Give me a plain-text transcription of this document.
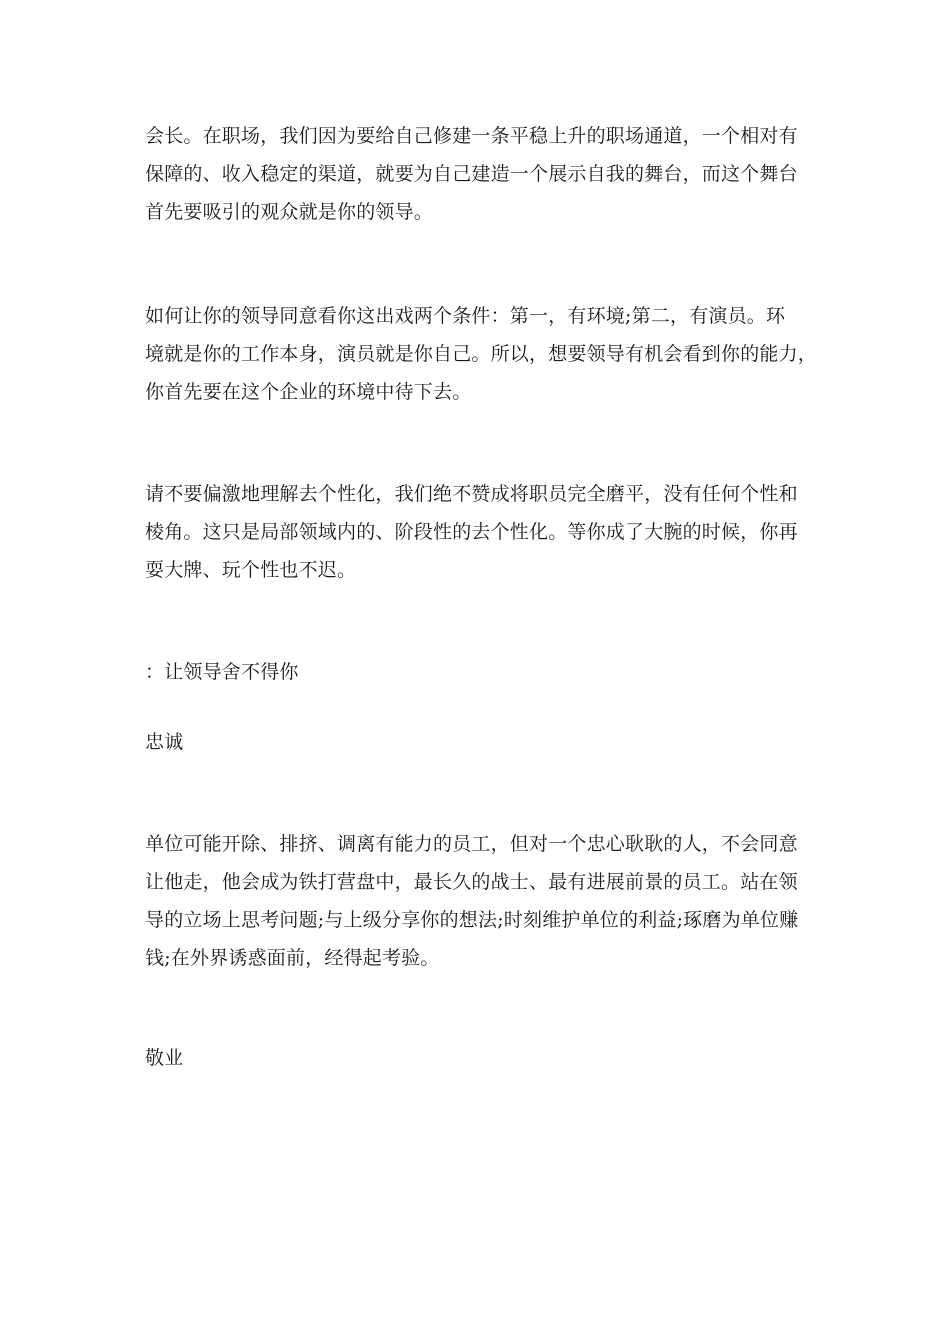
会长。在职场，我们因为要给自己修建一条平稳上升的职场通道，一个相对有
保障的、收入稳定的渠道，就要为自己建造一个展示自我的舞台，而这个舞台
首先要吸引的观众就是你的领导。
如何让你的领导同意看你这出戏两个条件：第一，有环境;第二，有演员。环
境就是你的工作本身，演员就是你自己。所以，想要领导有机会看到你的能力，
你首先要在这个企业的环境中待下去。
请不要偏激地理解去个性化，我们绝不赞成将职员完全磨平，没有任何个性和
棱角。这只是局部领域内的、阶段性的去个性化。等你成了大腕的时候，你再
耍大牌、玩个性也不迟。
：让领导舍不得你
忠诚
单位可能开除、排挤、调离有能力的员工，但对一个忠心耿耿的人，不会同意
让他走，他会成为铁打营盘中，最长久的战士、最有进展前景的员工。站在领
导的立场上思考问题;与上级分享你的想法;时刻维护单位的利益;琢磨为单位赚
钱;在外界诱惑面前，经得起考验。
敬业
